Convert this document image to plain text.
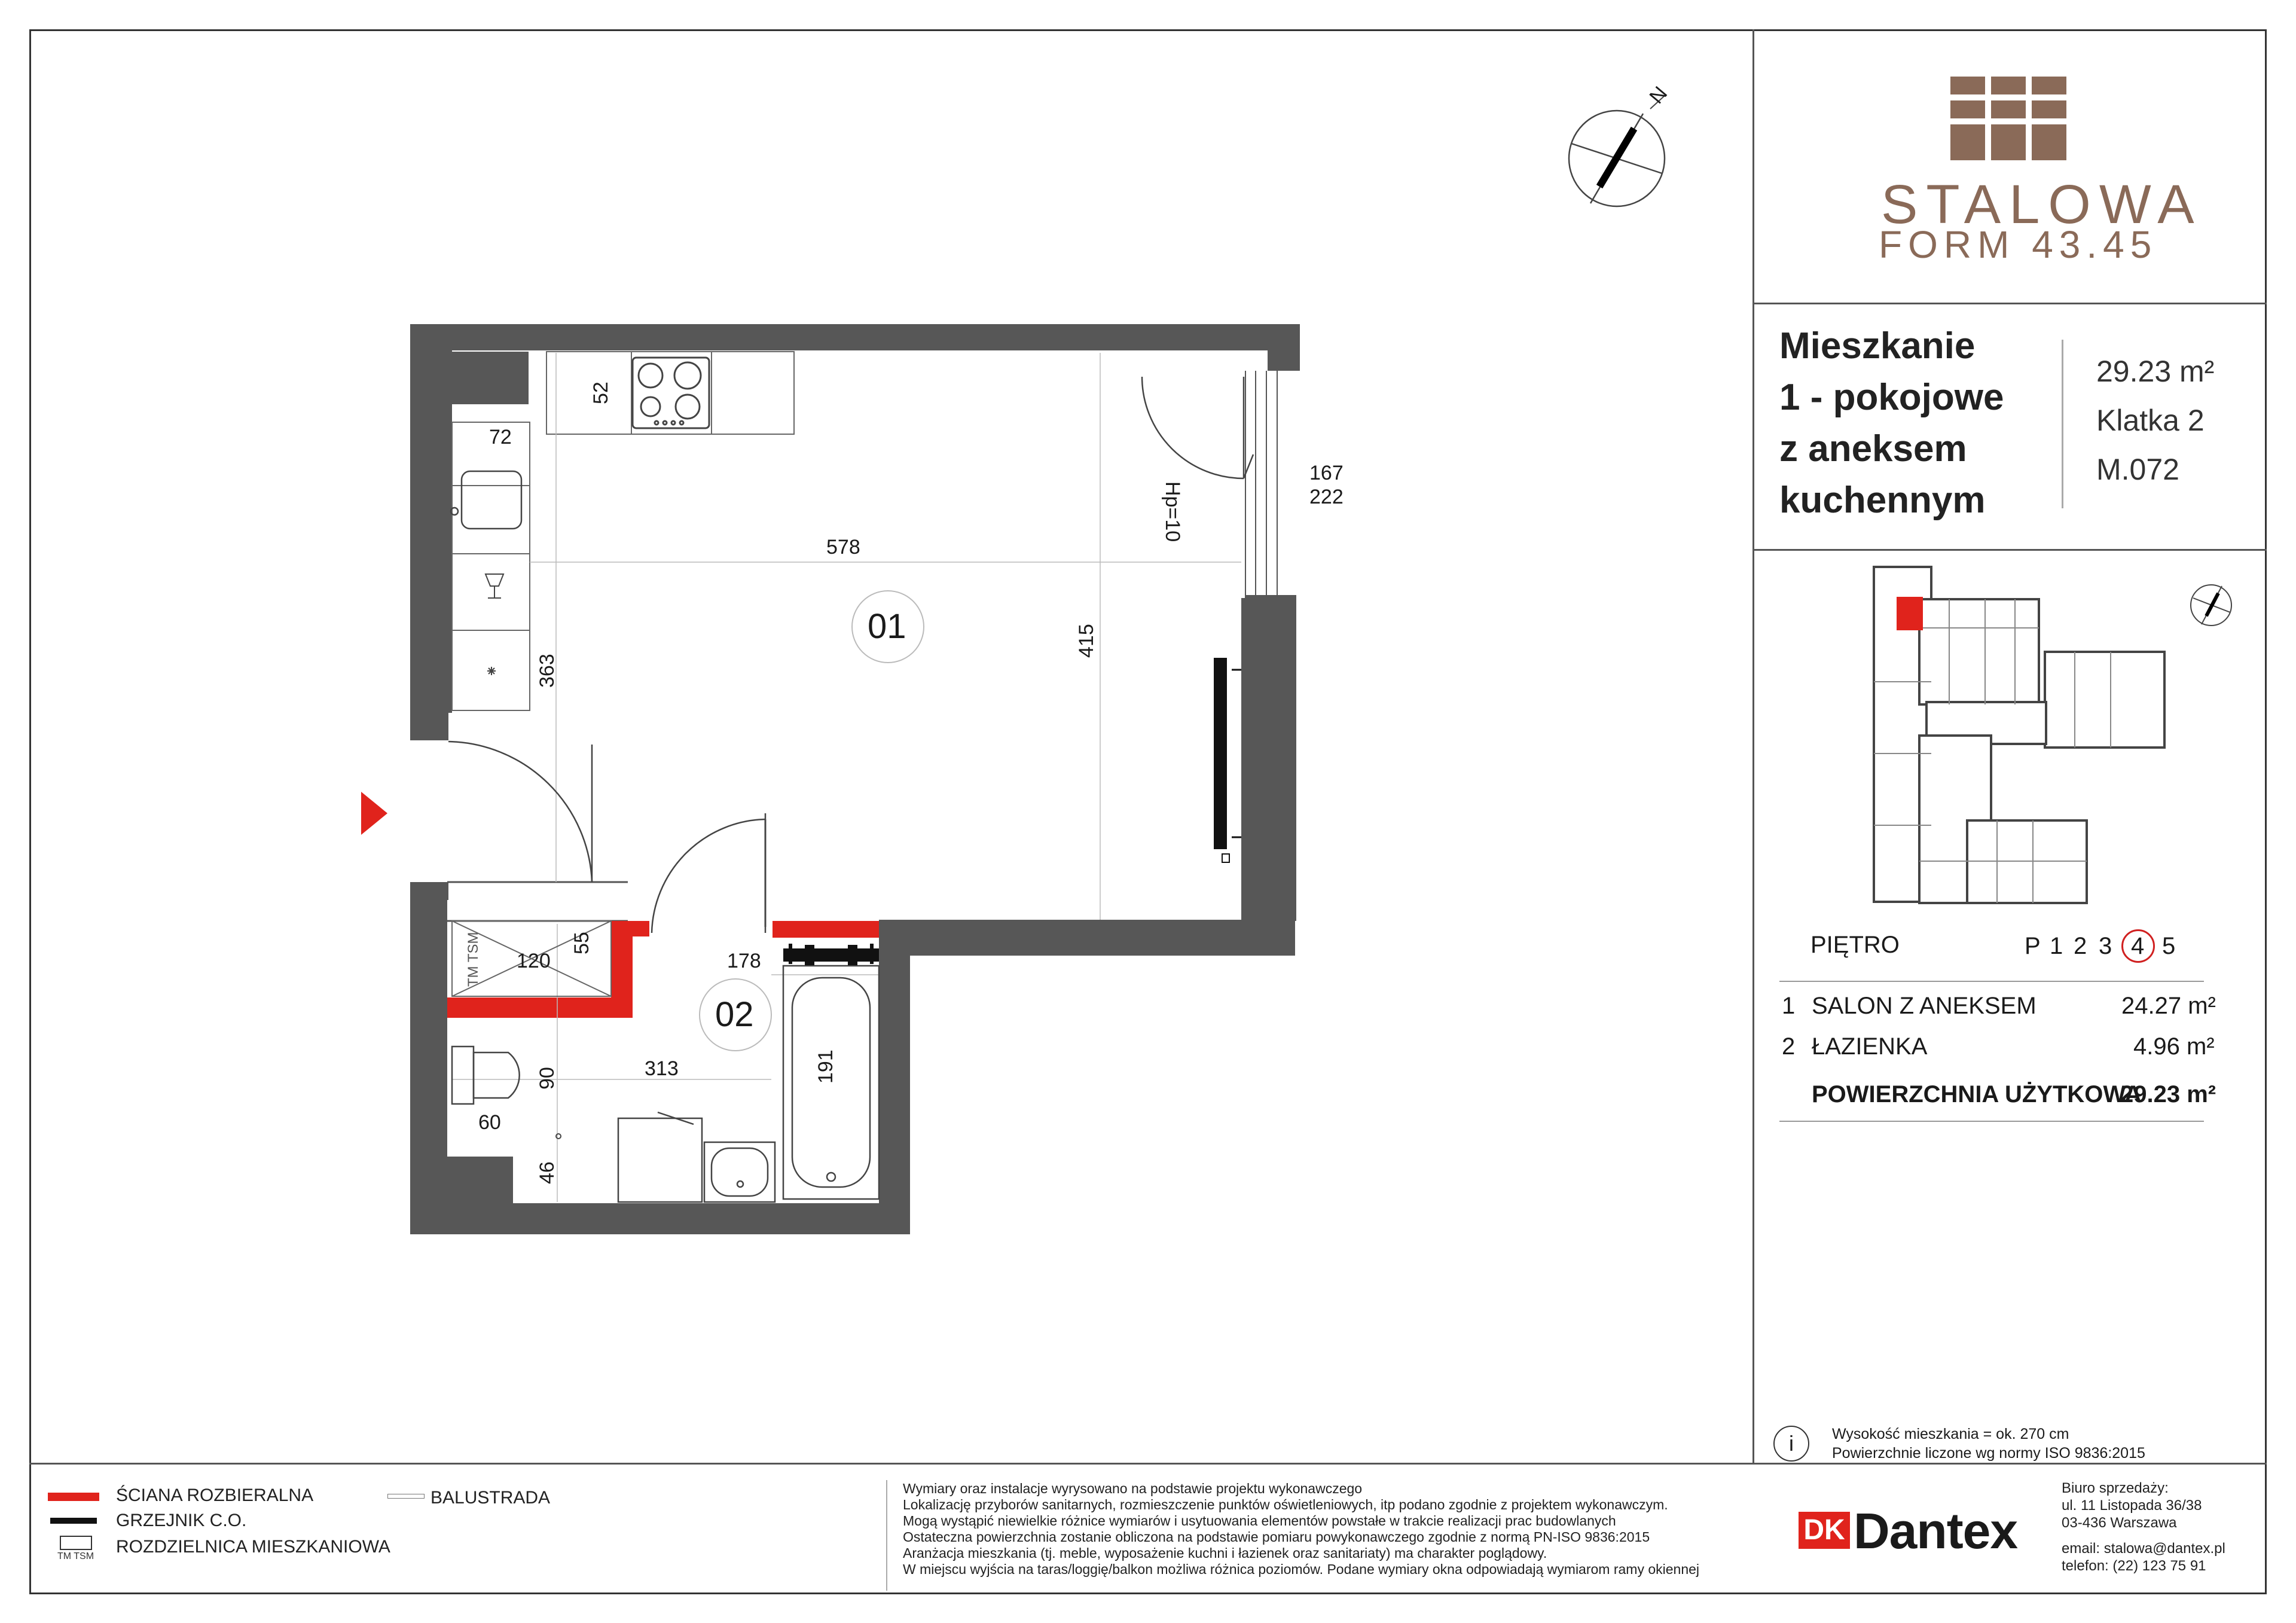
01
02
Hp=10
167
222
N
52
72
578
415
363
55
120	178
191
90	313
60
46
TM TSM
STALOWA
FORM 43.45
Mieszkanie
1 - pokojowe
z aneksem
kuchennym
29.23 m²
Klatka 2
M.072
PIĘTRO	P 1 2 3 4 5
1 SALON Z ANEKSEM	24.27 m²
2 ŁAZIENKA	4.96 m²
POWIERZCHNIA UŻYTKOWA
29.23 m²
i	Wysokość mieszkania = ok. 270 cm
Powierzchnie liczone wg normy ISO 9836:2015
ŚCIANA ROZBIERALNA
GRZEJNIK C.O.
TM TSM ROZDZIELNICA MIESZKANIOWA
BALUSTRADA	Wymiary oraz instalacje wyrysowano na podstawie projektu wykonawczego
Lokalizację przyborów sanitarnych, rozmieszczenie punktów oświetleniowych, itp podano zgodnie z projektem wykonawczym.
Mogą wystąpić niewielkie różnice wymiarów i usytuowania elementów powstałe w trakcie realizacji prac budowlanych
Ostateczna powierzchnia zostanie obliczona na podstawie pomiaru powykonawczego zgodnie z normą PN-ISO 9836:2015
Aranżacja mieszkania (tj. meble, wyposażenie kuchni i łazienek oraz sanitariaty) ma charakter poglądowy.
W miejscu wyjścia na taras/loggię/balkon możliwa różnica poziomów. Podane wymiary okna odpowiadają wymiarom ramy okiennej
DK Dantex
Biuro sprzedaży:
ul. 11 Listopada 36/38
03-436 Warszawa
email: stalowa@dantex.pl
telefon: (22) 123 75 91
